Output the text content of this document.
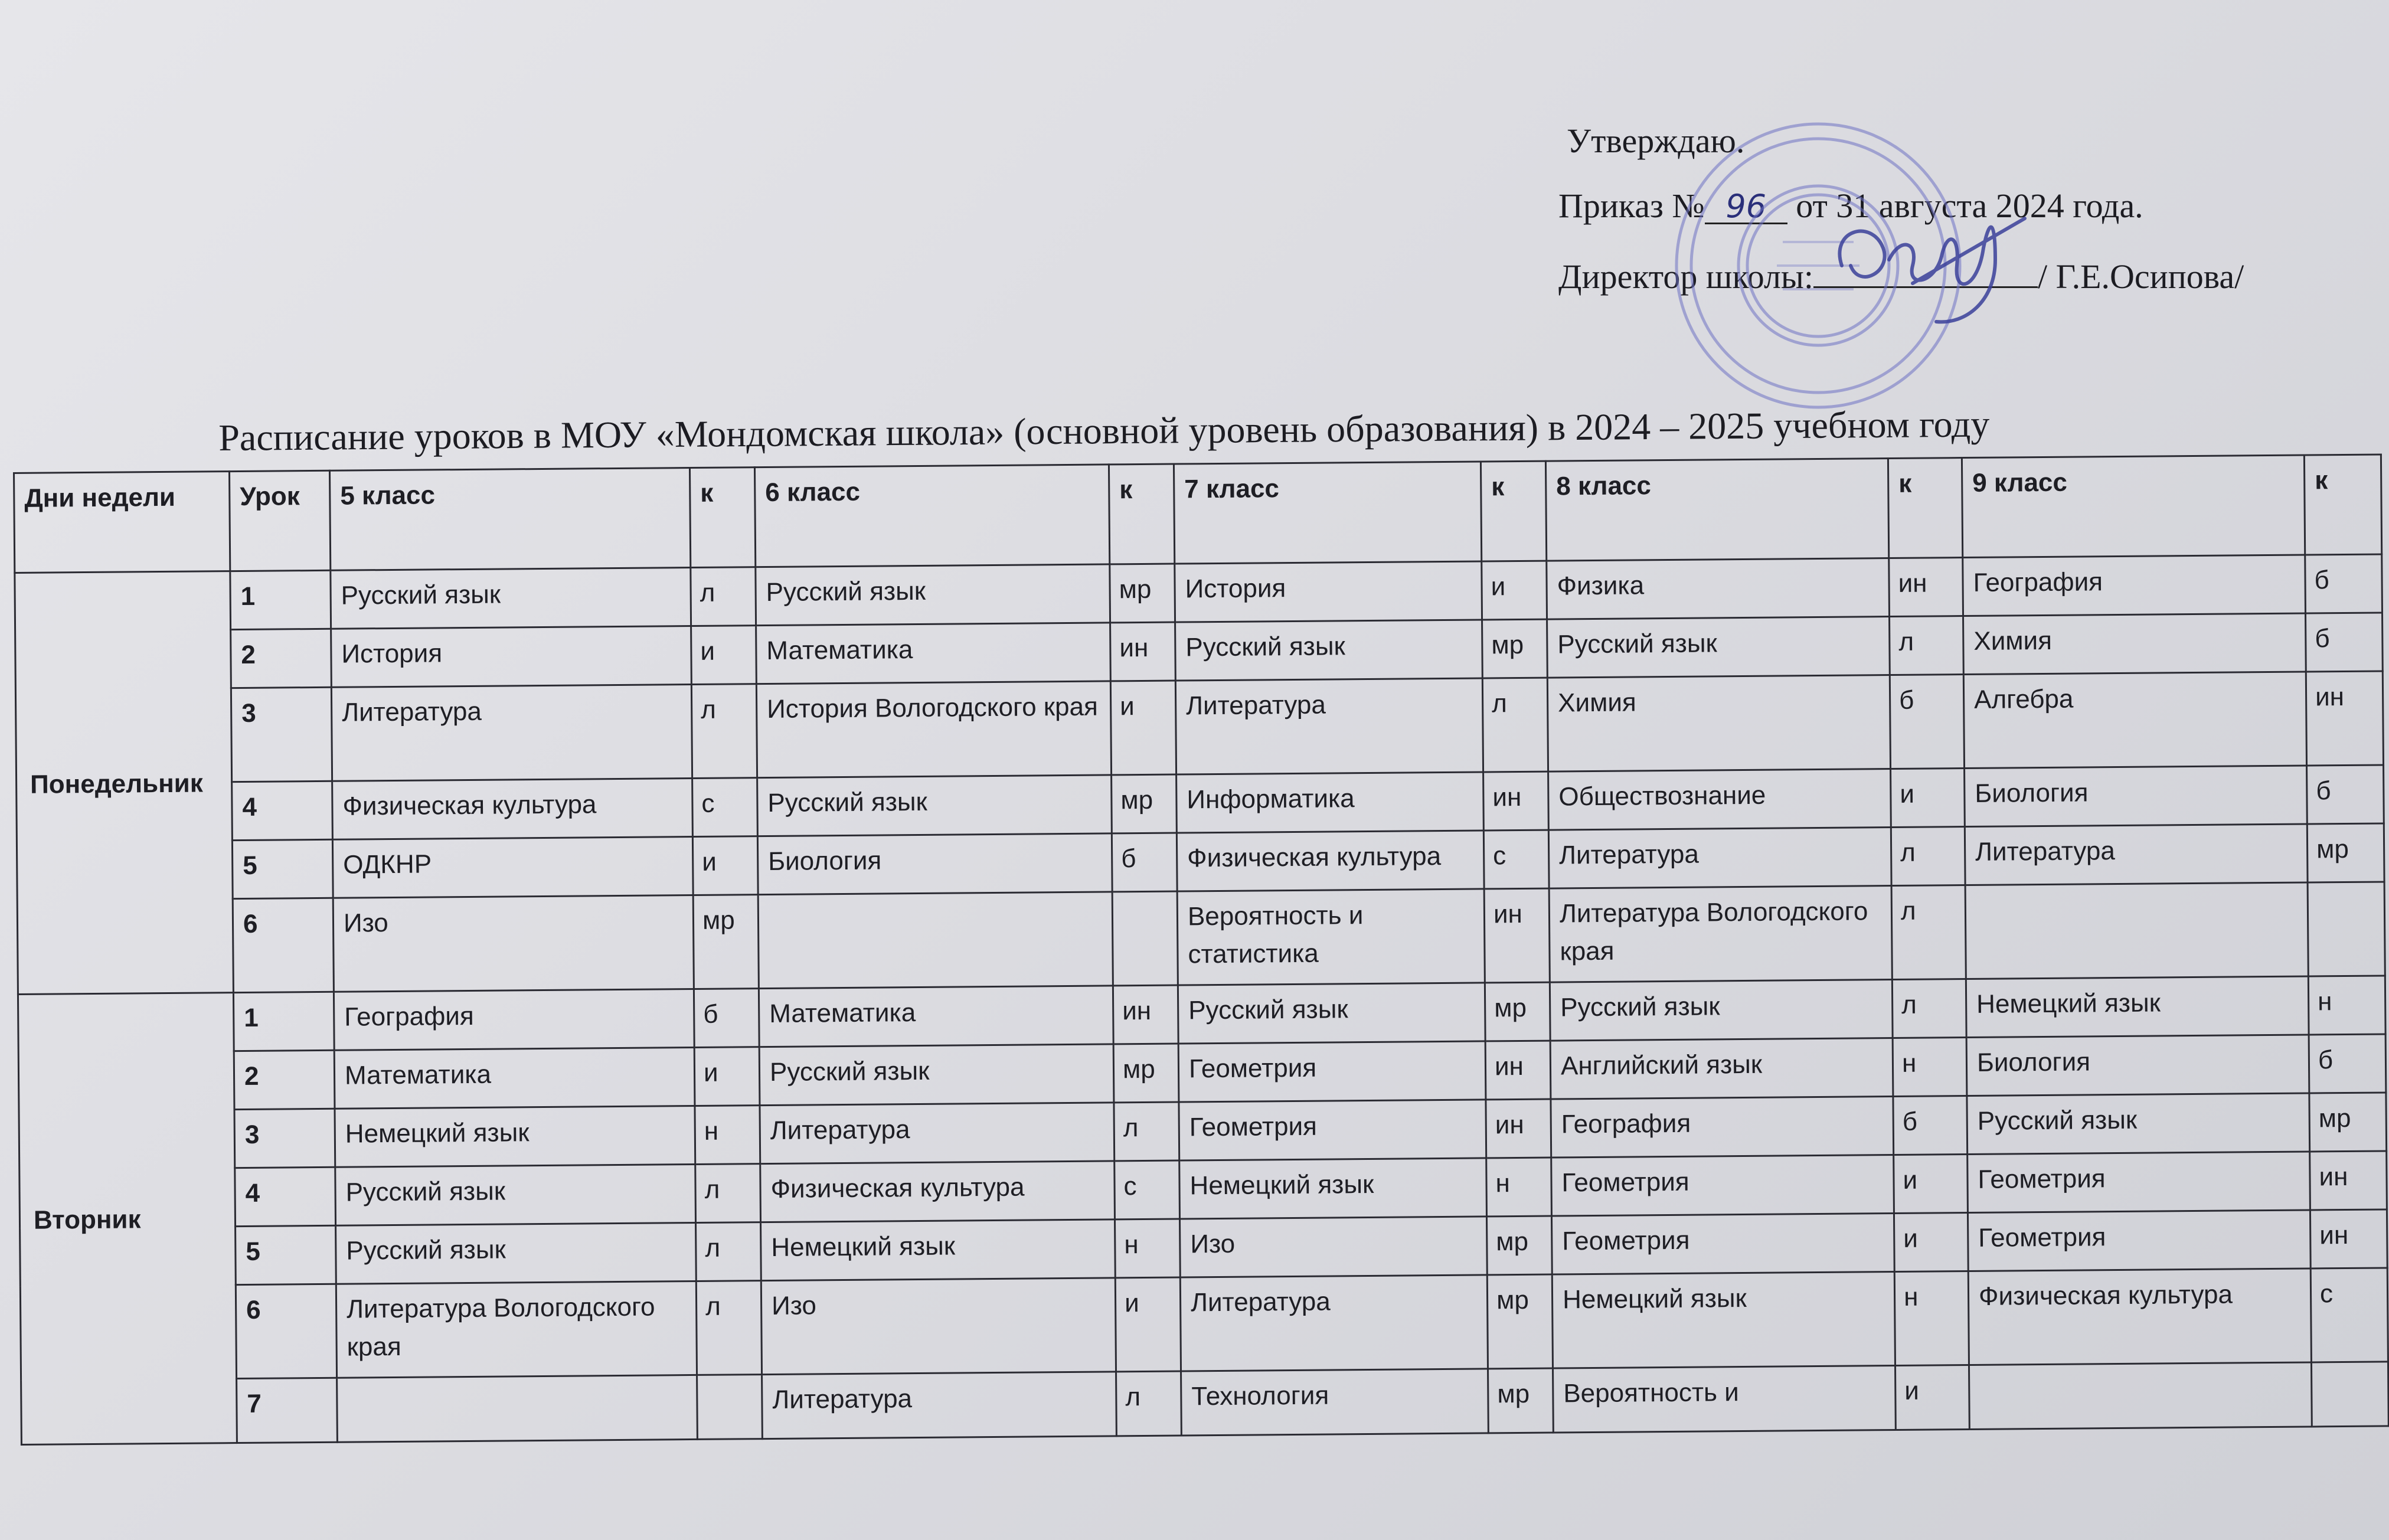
Утверждаю.
Приказ № 96 от 31 августа 2024 года.
Директор школы:	/ Г.Е.Осипова/
Расписание уроков в МОУ «Мондомская школа» (основной уровень образования) в 2024 – 2025 учебном году
Дни недели	Урок	5 класс	к	6 класс	к	7 класс	к	8 класс	к	9 класс	к
Понедельник	1	Русский язык	л	Русский язык	мр	История	и	Физика	ин	География	б
	2	История	и	Математика	ин	Русский язык	мр	Русский язык	л	Химия	б
	3	Литература	л	История Вологодского края	и	Литература	л	Химия	б	Алгебра	ин
	4	Физическая культура	с	Русский язык	мр	Информатика	ин	Обществознание	и	Биология	б
	5	ОДКНР	и	Биология	б	Физическая культура	с	Литература	л	Литература	мр
	6	Изо	мр			Вероятность и статистика	ин	Литература Вологодского края	л		
Вторник	1	География	б	Математика	ин	Русский язык	мр	Русский язык	л	Немецкий язык	н
	2	Математика	и	Русский язык	мр	Геометрия	ин	Английский язык	н	Биология	б
	3	Немецкий язык	н	Литература	л	Геометрия	ин	География	б	Русский язык	мр
	4	Русский язык	л	Физическая культура	с	Немецкий язык	н	Геометрия	и	Геометрия	ин
	5	Русский язык	л	Немецкий язык	н	Изо	мр	Геометрия	и	Геометрия	ин
	6	Литература Вологодского края	л	Изо	и	Литература	мр	Немецкий язык	н	Физическая культура	с
	7			Литература	л	Технология	мр	Вероятность и	и		
